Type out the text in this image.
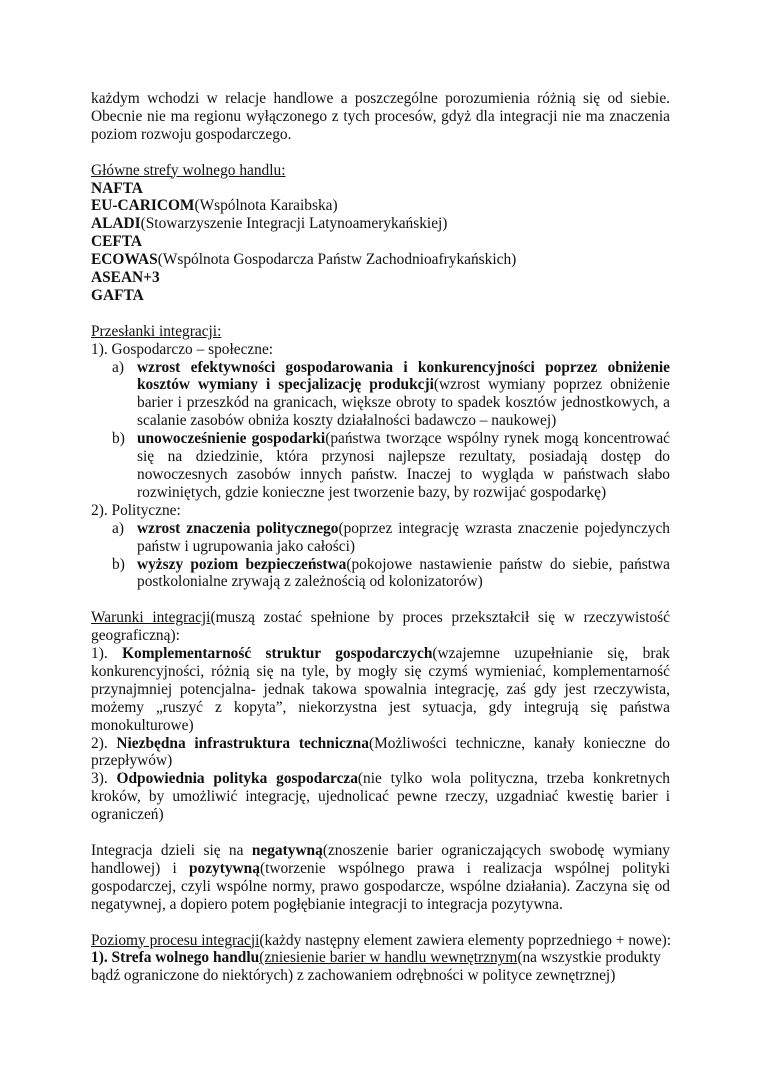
każdym wchodzi w relacje handlowe a poszczególne porozumienia różnią się od siebie. Obecnie nie ma regionu wyłączonego z tych procesów, gdyż dla integracji nie ma znaczenia poziom rozwoju gospodarczego.

Główne strefy wolnego handlu:

NAFTA

EU-CARICOM(Wspólnota Karaibska)

ALADI(Stowarzyszenie Integracji Latynoamerykańskiej)

CEFTA

ECOWAS(Wspólnota Gospodarcza Państw Zachodnioafrykańskich)

ASEAN+3

GAFTA

Przesłanki integracji:

1). Gospodarczo – społeczne:

a) wzrost efektywności gospodarowania i konkurencyjności poprzez obniżenie kosztów wymiany i specjalizację produkcji(wzrost wymiany poprzez obniżenie barier i przeszkód na granicach, większe obroty to spadek kosztów jednostkowych, a scalanie zasobów obniża koszty działalności badawczo – naukowej)

b) unowocześnienie gospodarki(państwa tworzące wspólny rynek mogą koncentrować się na dziedzinie, która przynosi najlepsze rezultaty, posiadają dostęp do nowoczesnych zasobów innych państw. Inaczej to wygląda w państwach słabo rozwiniętych, gdzie konieczne jest tworzenie bazy, by rozwijać gospodarkę)

2). Polityczne:

a) wzrost znaczenia politycznego(poprzez integrację wzrasta znaczenie pojedynczych państw i ugrupowania jako całości)

b) wyższy poziom bezpieczeństwa(pokojowe nastawienie państw do siebie, państwa postkolonialne zrywają z zależnością od kolonizatorów)

Warunki integracji(muszą zostać spełnione by proces przekształcił się w rzeczywistość geograficzną):

1). Komplementarność struktur gospodarczych(wzajemne uzupełnianie się, brak konkurencyjności, różnią się na tyle, by mogły się czymś wymieniać, komplementarność przynajmniej potencjalna- jednak takowa spowalnia integrację, zaś gdy jest rzeczywista, możemy „ruszyć z kopyta”, niekorzystna jest sytuacja, gdy integrują się państwa monokulturowe)

2). Niezbędna infrastruktura techniczna(Możliwości techniczne, kanały konieczne do przepływów)

3). Odpowiednia polityka gospodarcza(nie tylko wola polityczna, trzeba konkretnych kroków, by umożliwić integrację, ujednolicać pewne rzeczy, uzgadniać kwestię barier i ograniczeń)

Integracja dzieli się na negatywną(znoszenie barier ograniczających swobodę wymiany handlowej) i pozytywną(tworzenie wspólnego prawa i realizacja wspólnej polityki gospodarczej, czyli wspólne normy, prawo gospodarcze, wspólne działania). Zaczyna się od negatywnej, a dopiero potem pogłębianie integracji to integracja pozytywna.

Poziomy procesu integracji(każdy następny element zawiera elementy poprzedniego + nowe):

1). Strefa wolnego handlu(zniesienie barier w handlu wewnętrznym(na wszystkie produkty bądź ograniczone do niektórych) z zachowaniem odrębności w polityce zewnętrznej)
